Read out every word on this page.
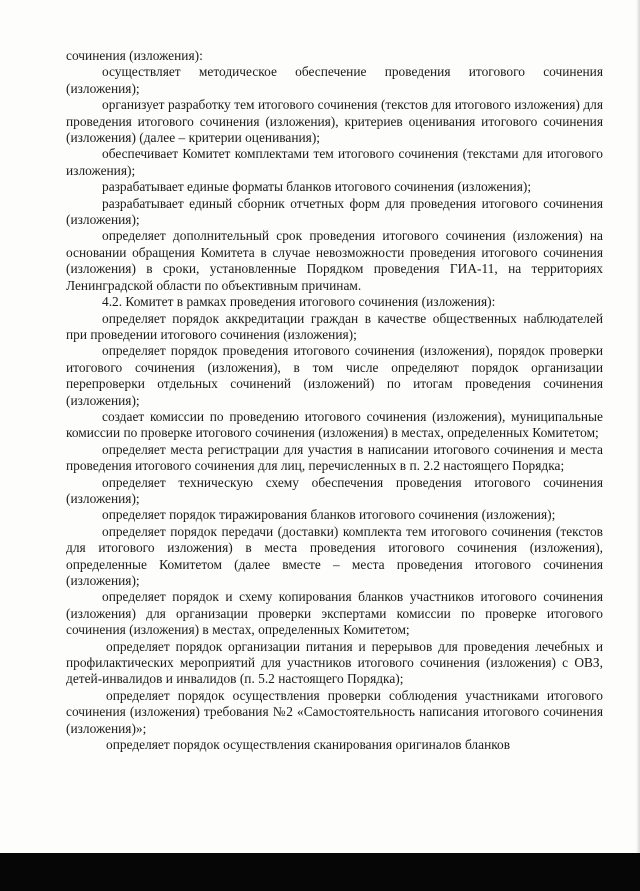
сочинения (изложения):

осуществляет методическое обеспечение проведения итогового сочинения (изложения);

организует разработку тем итогового сочинения (текстов для итогового изложения) для проведения итогового сочинения (изложения), критериев оценивания итогового сочинения (изложения) (далее – критерии оценивания);

обеспечивает Комитет комплектами тем итогового сочинения (текстами для итогового изложения);

разрабатывает единые форматы бланков итогового сочинения (изложения);

разрабатывает единый сборник отчетных форм для проведения итогового сочинения (изложения);

определяет дополнительный срок проведения итогового сочинения (изложения) на основании обращения Комитета в случае невозможности проведения итогового сочинения (изложения) в сроки, установленные Порядком проведения ГИА-11, на территориях Ленинградской области по объективным причинам.

4.2. Комитет в рамках проведения итогового сочинения (изложения):

определяет порядок аккредитации граждан в качестве общественных наблюдателей при проведении итогового сочинения (изложения);

определяет порядок проведения итогового сочинения (изложения), порядок проверки итогового сочинения (изложения), в том числе определяют порядок организации перепроверки отдельных сочинений (изложений) по итогам проведения сочинения (изложения);

создает комиссии по проведению итогового сочинения (изложения), муниципальные комиссии по проверке итогового сочинения (изложения) в местах, определенных Комитетом;

определяет места регистрации для участия в написании итогового сочинения и места проведения итогового сочинения для лиц, перечисленных в п. 2.2 настоящего Порядка;

определяет техническую схему обеспечения проведения итогового сочинения (изложения);

определяет порядок тиражирования бланков итогового сочинения (изложения);

определяет порядок передачи (доставки) комплекта тем итогового сочинения (текстов для итогового изложения) в места проведения итогового сочинения (изложения), определенные Комитетом (далее вместе – места проведения итогового сочинения (изложения);

определяет порядок и схему копирования бланков участников итогового сочинения (изложения) для организации проверки экспертами комиссии по проверке итогового сочинения (изложения) в местах, определенных Комитетом;

определяет порядок организации питания и перерывов для проведения лечебных и профилактических мероприятий для участников итогового сочинения (изложения) с ОВЗ, детей-инвалидов и инвалидов (п. 5.2 настоящего Порядка);

определяет порядок осуществления проверки соблюдения участниками итогового сочинения (изложения) требования №2 «Самостоятельность написания итогового сочинения (изложения)»;

определяет порядок осуществления сканирования оригиналов бланков
